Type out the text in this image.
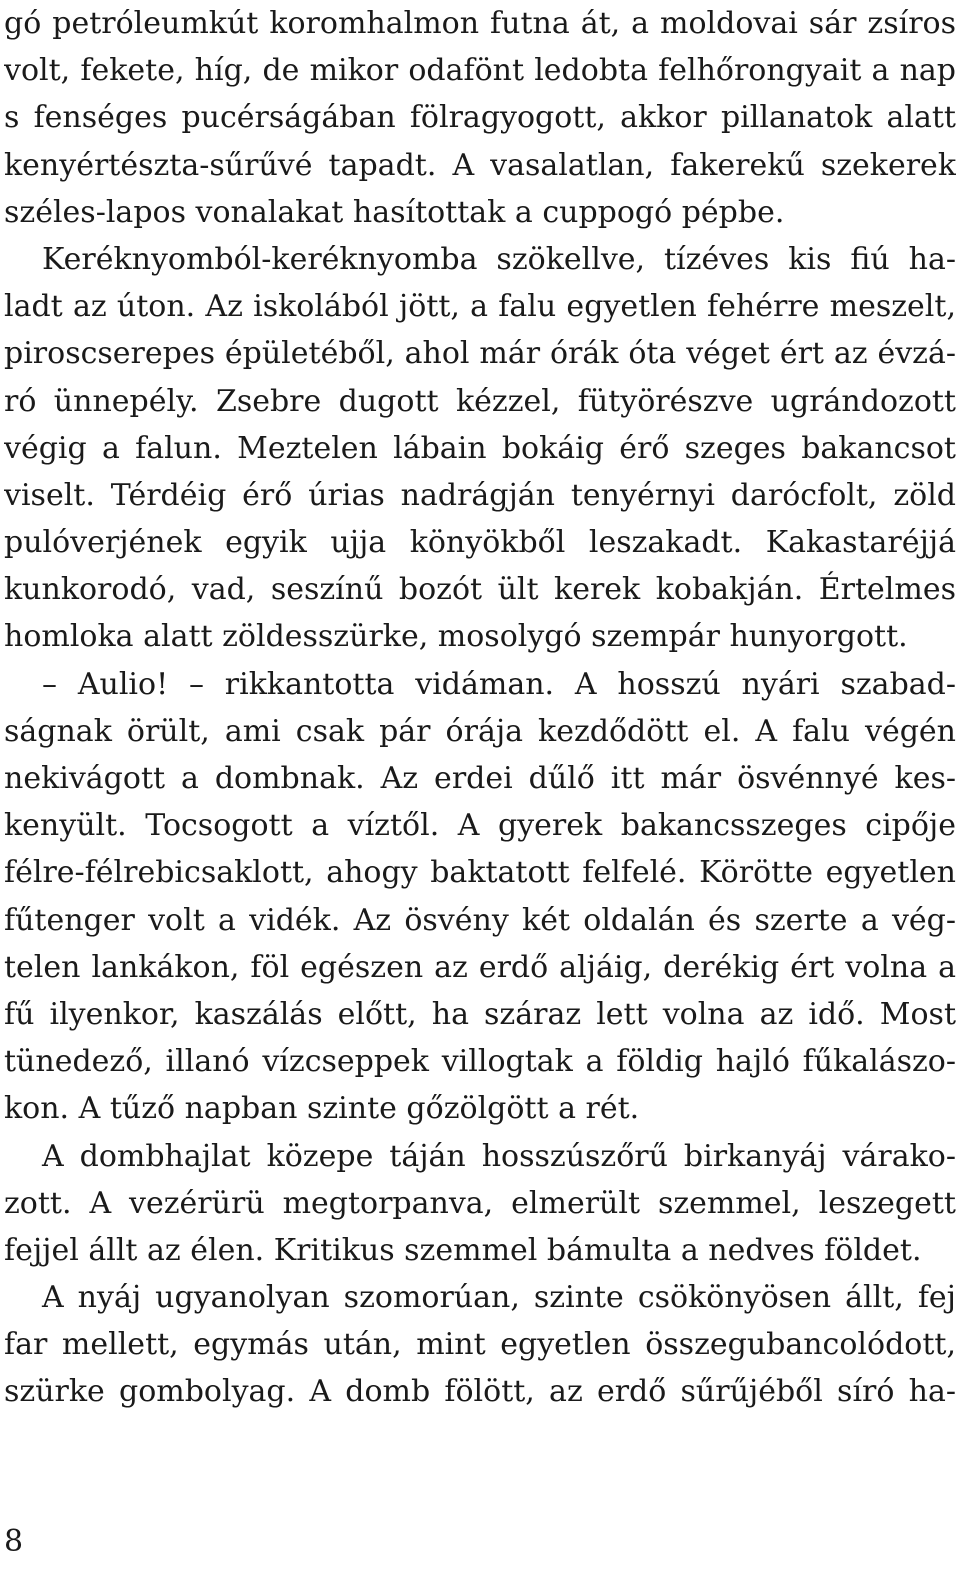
gó petróleumkút koromhalmon futna át, a moldovai sár zsíros
volt, fekete, híg, de mikor odafönt ledobta felhőrongyait a nap
s fenséges pucérságában fölragyogott, akkor pillanatok alatt
kenyértészta-sűrűvé tapadt. A vasalatlan, fakerekű szekerek
széles-lapos vonalakat hasítottak a cuppogó pépbe.
Keréknyomból-keréknyomba szökellve, tízéves kis fiú ha-
ladt az úton. Az iskolából jött, a falu egyetlen fehérre meszelt,
piroscserepes épületéből, ahol már órák óta véget ért az évzá-
ró ünnepély. Zsebre dugott kézzel, fütyörészve ugrándozott
végig a falun. Meztelen lábain bokáig érő szeges bakancsot
viselt. Térdéig érő úrias nadrágján tenyérnyi darócfolt, zöld
pulóverjének egyik ujja könyökből leszakadt. Kakastaréjjá
kunkorodó, vad, seszínű bozót ült kerek kobakján. Értelmes
homloka alatt zöldesszürke, mosolygó szempár hunyorgott.
– Aulio! – rikkantotta vidáman. A hosszú nyári szabad-
ságnak örült, ami csak pár órája kezdődött el. A falu végén
nekivágott a dombnak. Az erdei dűlő itt már ösvénnyé kes-
kenyült. Tocsogott a víztől. A gyerek bakancsszeges cipője
félre-félrebicsaklott, ahogy baktatott felfelé. Körötte egyetlen
fűtenger volt a vidék. Az ösvény két oldalán és szerte a vég-
telen lankákon, föl egészen az erdő aljáig, derékig ért volna a
fű ilyenkor, kaszálás előtt, ha száraz lett volna az idő. Most
tünedező, illanó vízcseppek villogtak a földig hajló fűkalászo-
kon. A tűző napban szinte gőzölgött a rét.
A dombhajlat közepe táján hosszúszőrű birkanyáj várako-
zott. A vezérürü megtorpanva, elmerült szemmel, leszegett
fejjel állt az élen. Kritikus szemmel bámulta a nedves földet.
A nyáj ugyanolyan szomorúan, szinte csökönyösen állt, fej
far mellett, egymás után, mint egyetlen összegubancolódott,
szürke gombolyag. A domb fölött, az erdő sűrűjéből síró ha-
8
